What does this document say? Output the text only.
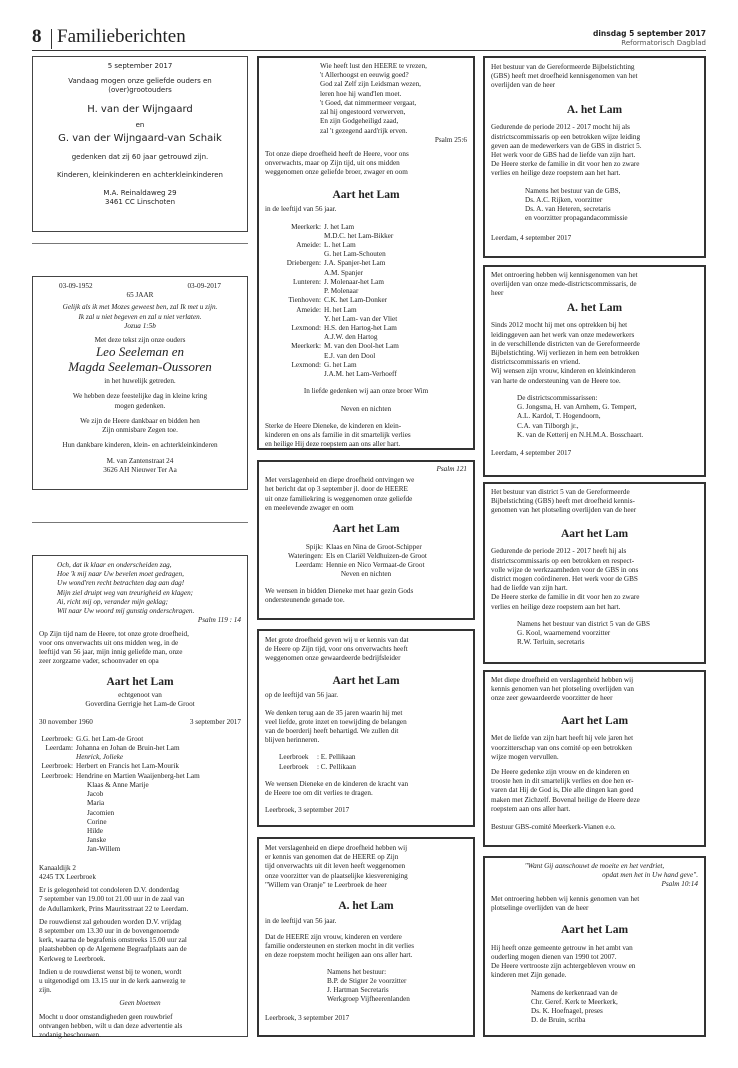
8 Familieberichten	dinsdag 5 september 2017
Reformatorisch Dagblad
5 september 2017
Vandaag mogen onze geliefde ouders en
(over)grootouders
H. van der Wijngaard
en
G. van der Wijngaard-van Schaik
gedenken dat zij 60 jaar getrouwd zijn.
Kinderen, kleinkinderen en achterkleinkinderen
M.A. Reinaldaweg 29
3461 CC Linschoten
03-09-1952	03-09-2017
65 JAAR
Gelijk als ik met Mozes geweest ben, zal Ik met u zijn.
Ik zal u niet begeven en zal u niet verlaten.
Jozua 1:5b
Met deze tekst zijn onze ouders
Leo Seeleman en
Magda Seeleman-Oussoren
in het huwelijk getreden.
We hebben deze feestelijke dag in kleine kring
mogen gedenken.
We zijn de Heere dankbaar en bidden hen
Zijn onmisbare Zegen toe.
Hun dankbare kinderen, klein- en achterkleinkinderen
M. van Zantenstraat 24
3626 AH Nieuwer Ter Aa
Och, dat ik klaar en onderscheiden zag,
Hoe 'k mij naar Uw bevelen moet gedragen,
Uw wond'ren recht betrachten dag aan dag!
Mijn ziel druipt weg van treurigheid en klagen;
Ai, richt mij op, verander mijn geklag;
Wil naar Uw woord mij gunstig onderschragen.
Psalm 119 : 14
Op Zijn tijd nam de Heere, tot onze grote droefheid,
voor ons onverwachts uit ons midden weg, in de
leeftijd van 56 jaar, mijn innig geliefde man, onze
zeer zorgzame vader, schoonvader en opa
Aart het Lam
echtgenoot van
Goverdina Gerrigje het Lam-de Groot
30 november 1960	3 september 2017
Leerbroek: G.G. het Lam-de Groot
Leerdam: Johanna en Johan de Bruin-het Lam
Henrick, Jolieke
Leerbroek: Herbert en Francis het Lam-Mourik
Leerbroek: Hendrine en Martien Waaijenberg-het Lam
Klaas & Anne Marije
Jacob
Maria
Jacomien
Corine
Hilde
Janske
Jan-Willem
Kanaaldijk 2
4245 TX Leerbroek
Er is gelegenheid tot condoleren D.V. donderdag
7 september van 19.00 tot 21.00 uur in de zaal van
de Adullamkerk, Prins Mauritsstraat 22 te Leerdam.
De rouwdienst zal gehouden worden D.V. vrijdag
8 september om 13.30 uur in de bovengenoemde
kerk, waarna de begrafenis omstreeks 15.00 uur zal
plaatshebben op de Algemene Begraafplaats aan de
Kerkweg te Leerbroek.
Indien u de rouwdienst wenst bij te wonen, wordt
u uitgenodigd om 13.15 uur in de kerk aanwezig te
zijn.
Geen bloemen
Mocht u door omstandigheden geen rouwbrief
ontvangen hebben, wilt u dan deze advertentie als
zodanig beschouwen.
Wie heeft lust den HEERE te vrezen,
't Allerhoogst en eeuwig goed?
God zal Zelf zijn Leidsman wezen,
leren hoe hij wand'len moet.
't Goed, dat nimmermeer vergaat,
zal hij ongestoord verwerven,
En zijn Godgeheiligd zaad,
zal 't gezegend aard'rijk erven.
Psalm 25:6
Tot onze diepe droefheid heeft de Heere, voor ons
onverwachts, maar op Zijn tijd, uit ons midden
weggenomen onze geliefde broer, zwager en oom
Aart het Lam
in de leeftijd van 56 jaar.
Meerkerk: J. het Lam
M.D.C. het Lam-Bikker
Ameide: L. het Lam
G. het Lam-Schouten
Driebergen: J.A. Spanjer-het Lam
A.M. Spanjer
Lunteren: J. Molenaar-het Lam
P. Molenaar
Tienhoven: C.K. het Lam-Donker
Ameide: H. het Lam
Y. het Lam- van der Vliet
Lexmond: H.S. den Hartog-het Lam
A.J.W. den Hartog
Meerkerk: M. van den Dool-het Lam
E.J. van den Dool
Lexmond: G. het Lam
J.A.M. het Lam-Verhoeff
In liefde gedenken wij aan onze broer Wim
Neven en nichten
Sterke de Heere Dieneke, de kinderen en klein-
kinderen en ons als familie in dit smartelijk verlies
en heilige Hij deze roepstem aan ons aller hart.
Psalm 121
Met verslagenheid en diepe droefheid ontvingen we
het bericht dat op 3 september jl. door de HEERE
uit onze familiekring is weggenomen onze geliefde
en meelevende zwager en oom
Aart het Lam
Spijk: Klaas en Nina de Groot-Schipper
Wateringen: Els en Clariël Veldhuizen-de Groot
Leerdam: Hennie en Nico Vermaat-de Groot
Neven en nichten
We wensen in bidden Dieneke met haar gezin Gods
ondersteunende genade toe.
Met grote droefheid geven wij u er kennis van dat
de Heere op Zijn tijd, voor ons onverwachts heeft
weggenomen onze gewaardeerde bedrijfsleider
Aart het Lam
op de leeftijd van 56 jaar.
We denken terug aan de 35 jaren waarin hij met
veel liefde, grote inzet en toewijding de belangen
van de boerderij heeft behartigd. We zullen dit
blijven herinneren.
Leerbroek	: E. Pellikaan
Leerbroek	: C. Pellikaan
We wensen Dieneke en de kinderen de kracht van
de Heere toe om dit verlies te dragen.
Leerbroek, 3 september 2017
Met verslagenheid en diepe droefheid hebben wij
er kennis van genomen dat de HEERE op Zijn
tijd onverwachts uit dit leven heeft weggenomen
onze voorzitter van de plaatselijke kiesvereniging
"Willem van Oranje" te Leerbroek de heer
A. het Lam
in de leeftijd van 56 jaar.
Dat de HEERE zijn vrouw, kinderen en verdere
familie ondersteunen en sterken mocht in dit verlies
en deze roepstem mocht heiligen aan ons aller hart.
Namens het bestuur:
B.P. de Stigter 2e voorzitter
J. Hartman Secretaris
Werkgroep Vijfheerenlanden
Leerbroek, 3 september 2017
Het bestuur van de Gereformeerde Bijbelstichting
(GBS) heeft met droefheid kennisgenomen van het
overlijden van de heer
A. het Lam
Gedurende de periode 2012 - 2017 mocht hij als
districtscommissaris op een betrokken wijze leiding
geven aan de medewerkers van de GBS in district 5.
Het werk voor de GBS had de liefde van zijn hart.
De Heere sterke de familie in dit voor hen zo zware
verlies en heilige deze roepstem aan het hart.
Namens het bestuur van de GBS,
Ds. A.C. Rijken, voorzitter
Ds. A. van Heteren, secretaris
en voorzitter propagandacommissie
Leerdam, 4 september 2017
Met ontroering hebben wij kennisgenomen van het
overlijden van onze mede-districtscommissaris, de
heer
A. het Lam
Sinds 2012 mocht hij met ons optrekken bij het
leidinggeven aan het werk van onze medewerkers
in de verschillende districten van de Gereformeerde
Bijbelstichting. Wij verliezen in hem een betrokken
districtscommissaris en vriend.
Wij wensen zijn vrouw, kinderen en kleinkinderen
van harte de ondersteuning van de Heere toe.
De districtscommissarissen:
G. Jongsma, H. van Arnhem, G. Tempert,
A.L. Kardol, T. Hogendoorn,
C.A. van Tilborgh jr.,
K. van de Ketterij en N.H.M.A. Bosschaart.
Leerdam, 4 september 2017
Het bestuur van district 5 van de Gereformeerde
Bijbelstichting (GBS) heeft met droefheid kennis-
genomen van het plotseling overlijden van de heer
Aart het Lam
Gedurende de periode 2012 - 2017 heeft hij als
districtscommissaris op een betrokken en respect-
volle wijze de werkzaamheden voor de GBS in ons
district mogen coördineren. Het werk voor de GBS
had de liefde van zijn hart.
De Heere sterke de familie in dit voor hen zo zware
verlies en heilige deze roepstem aan het hart.
Namens het bestuur van district 5 van de GBS
G. Kool, waarnemend voorzitter
R.W. Terluin, secretaris
Met diepe droefheid en verslagenheid hebben wij
kennis genomen van het plotseling overlijden van
onze zeer gewaardeerde voorzitter de heer
Aart het Lam
Met de liefde van zijn hart heeft hij vele jaren het
voorzitterschap van ons comité op een betrokken
wijze mogen vervullen.
De Heere gedenke zijn vrouw en de kinderen en
trooste hen in dit smartelijk verlies en doe hen er-
varen dat Hij de God is, Die alle dingen kan goed
maken met Zichzelf. Bovenal heilige de Heere deze
roepstem aan ons aller hart.
Bestuur GBS-comité Meerkerk-Vianen e.o.
"Want Gij aanschouwt de moeite en het verdriet,
opdat men het in Uw hand geve".
Psalm 10:14
Met ontroering hebben wij kennis genomen van het
plotselinge overlijden van de heer
Aart het Lam
Hij heeft onze gemeente getrouw in het ambt van
ouderling mogen dienen van 1990 tot 2007.
De Heere vertrooste zijn achtergebleven vrouw en
kinderen met Zijn genade.
Namens de kerkenraad van de
Chr. Geref. Kerk te Meerkerk,
Ds. K. Hoefnagel, preses
D. de Bruin, scriba
